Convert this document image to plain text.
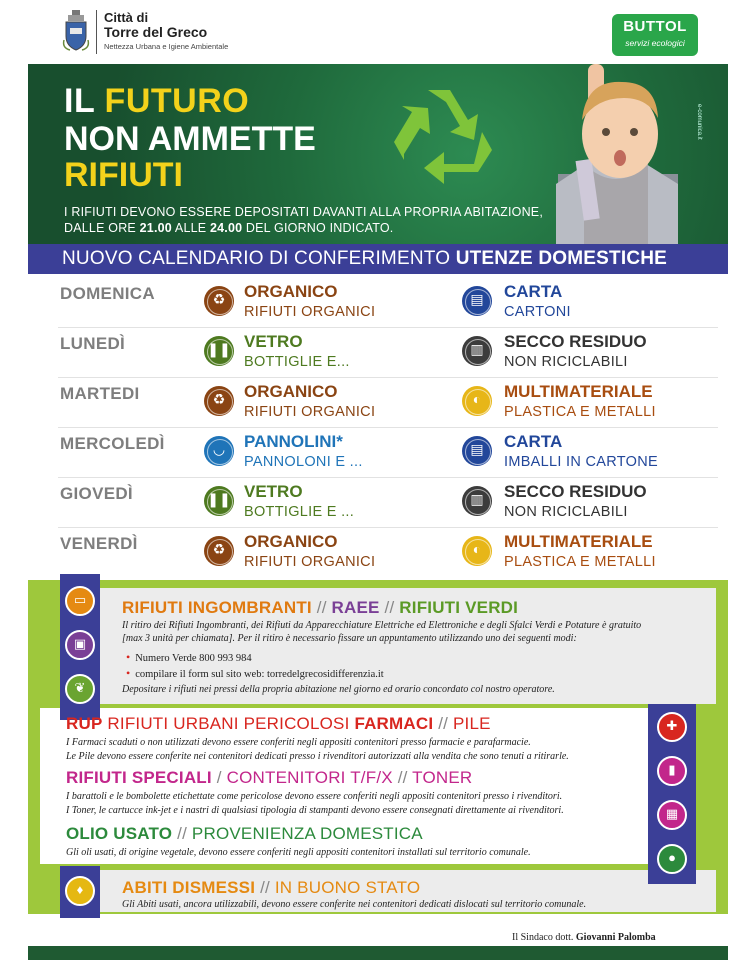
Città di
Torre del Greco
Nettezza Urbana e Igiene Ambientale
BUTTOL
servizi ecologici
IL FUTURO
NON AMMETTE
RIFIUTI
I RIFIUTI DEVONO ESSERE DEPOSITATI DAVANTI ALLA PROPRIA ABITAZIONE, DALLE ORE 21.00 ALLE 24.00 DEL GIORNO INDICATO.
e-comunica.it
NUOVO CALENDARIO DI CONFERIMENTO UTENZE DOMESTICHE
DOMENICA	♻	ORGANICO
RIFIUTI ORGANICI
▤	CARTA
CARTONI
LUNEDÌ	❚❚ VETRO
BOTTIGLIE E...
▥	SECCO RESIDUO
NON RICICLABILI
MARTEDI	♻	ORGANICO
RIFIUTI ORGANICI
◐	MULTIMATERIALE
PLASTICA E METALLI
MERCOLEDÌ	◡	PANNOLINI*
PANNOLONI E ...
▤	CARTA
IMBALLI IN CARTONE
GIOVEDÌ	❚❚ VETRO
BOTTIGLIE E ...
▥	SECCO RESIDUO
NON RICICLABILI
VENERDÌ	♻	ORGANICO
RIFIUTI ORGANICI
◐	MULTIMATERIALE
PLASTICA E METALLI
▭
▣
❦
✚
▮
▦
●
♦
RIFIUTI INGOMBRANTI // RAEE // RIFIUTI VERDI
Il ritiro dei Rifiuti Ingombranti, dei Rifiuti da Apparecchiature Elettriche ed Elettroniche e degli Sfalci Verdi e Potature è gratuito
[max 3 unità per chiamata]. Per il ritiro è necessario fissare un appuntamento utilizzando uno dei seguenti modi:
• Numero Verde 800 993 984
• compilare il form sul sito web: torredelgrecosidifferenzia.it
Depositare i rifiuti nei pressi della propria abitazione nel giorno ed orario concordato col nostro operatore.
RUP RIFIUTI URBANI PERICOLOSI FARMACI // PILE
I Farmaci scaduti o non utilizzati devono essere conferiti negli appositi contenitori presso farmacie e parafarmacie.
Le Pile devono essere conferite nei contenitori dedicati presso i rivenditori autorizzati alla vendita che sono tenuti a ritirarle.
RIFIUTI SPECIALI / CONTENITORI T/F/X // TONER
I barattoli e le bombolette etichettate come pericolose devono essere conferiti negli appositi contenitori presso i rivenditori.
I Toner, le cartucce ink-jet e i nastri di qualsiasi tipologia di stampanti devono essere consegnati direttamente ai rivenditori.
OLIO USATO // PROVENIENZA DOMESTICA
Gli oli usati, di origine vegetale, devono essere conferiti negli appositi contenitori installati sul territorio comunale.
ABITI DISMESSI // IN BUONO STATO
Gli Abiti usati, ancora utilizzabili, devono essere conferite nei contenitori dedicati dislocati sul territorio comunale.
Il Sindaco dott. Giovanni Palomba
